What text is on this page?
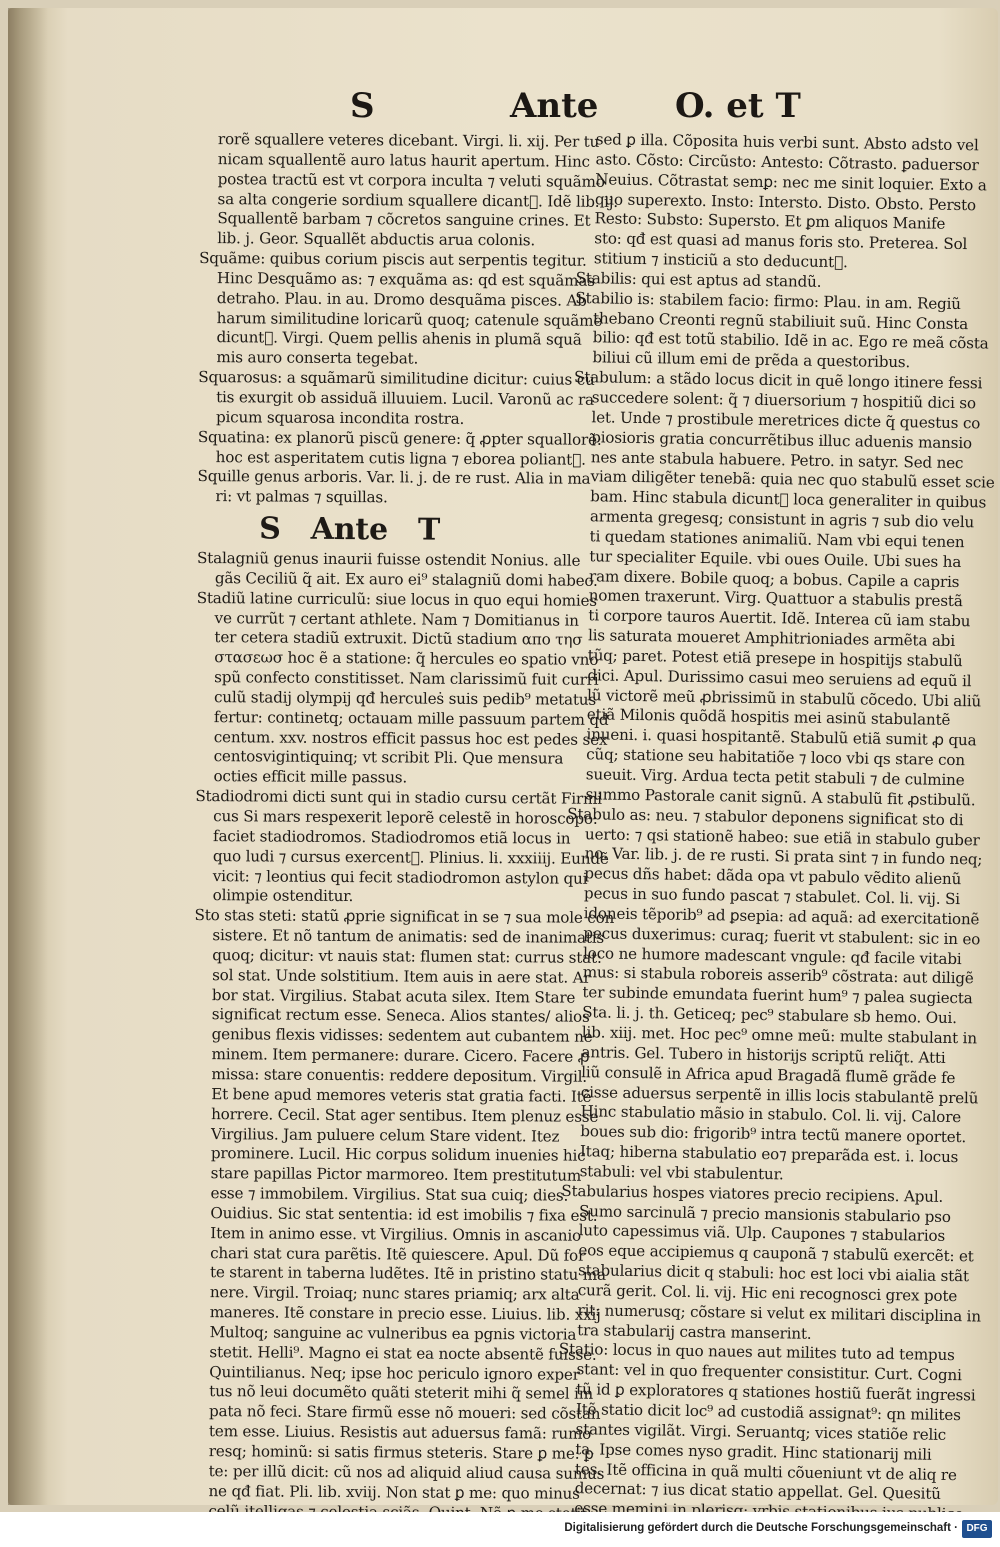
S	Ante O. et T
rorẽ squallere veteres dicebant. Virgi. li. xij. Per tu
nicam squallentẽ auro latus haurit apertum. Hinc
postea tractũ est vt corpora inculta ⁊ veluti squãmo
sa alta congerie sordium squallere dicantᷓ. Idẽ lib. ij.
Squallentẽ barbam ⁊ cõcretos sanguine crines. Et
lib. j. Geor. Squallẽt abductis arua colonis.
Squãme: quibus corium piscis aut serpentis tegitur.
Hinc Desquãmo as: ⁊ exquãma as: qd est squãmas
detraho. Plau. in au. Dromo desquãma pisces. Ab
harum similitudine loricarũ quoq; catenule squãme
dicuntᷓ. Virgi. Quem pellis ahenis in plumã squã
mis auro conserta tegebat.
Squarosus: a squãmarũ similitudine dicitur: cuius cu
tis exurgit ob assiduã illuuiem. Lucil. Varonũ ac ra
picum squarosa incondita rostra.
Squatina: ex planorũ piscũ genere: q̃ ꝓpter squallorẽ:
hoc est asperitatem cutis ligna ⁊ eborea poliantᷓ.
Squille genus arboris. Var. li. j. de re rust. Alia in ma
ri: vt palmas ⁊ squillas.
S Ante T
Stalagniũ genus inaurii fuisse ostendit Nonius. alle
gãs Ceciliũ q̃ ait. Ex auro ei⁹ stalagniũ domi habeo.
Stadiũ latine curriculũ: siue locus in quo equi homies
ve currũt ⁊ certant athlete. Nam ⁊ Domitianus in
ter cetera stadiũ extruxit. Dictũ stadium απο τησ
στασεωσ hoc ẽ a statione: q̃ hercules eo spatio vno
spũ confecto constitisset. Nam clarissimũ fuit curri
culũ stadij olympij qđ herculeṡ suis pedib⁹ metatus
fertur: continetq; octauam mille passuum partem qđ
centum. xxv. nostros efficit passus hoc est pedes sex
centosvigintiquinq; vt scribit Pli. Que mensura
octies efficit mille passus.
Stadiodromi dicti sunt qui in stadio cursu certãt Firmi
cus Si mars respexerit leporẽ celestẽ in horoscopo:
faciet stadiodromos. Stadiodromos etiã locus in
quo ludi ⁊ cursus exercentᷓ. Plinius. li. xxxiiij. Eundẽ
vicit: ⁊ leontius qui fecit stadiodromon astylon qui
olimpie ostenditur.
Sto stas steti: statũ ꝓprie significat in se ⁊ sua mole con
sistere. Et nõ tantum de animatis: sed de inanimatis
quoq; dicitur: vt nauis stat: flumen stat: currus stat:
sol stat. Unde solstitium. Item auis in aere stat. Ar
bor stat. Virgilius. Stabat acuta silex. Item Stare
significat rectum esse. Seneca. Alios stantes/ alios
genibus flexis vidisses: sedentem aut cubantem ne
minem. Item permanere: durare. Cicero. Facere ꝓ
missa: stare conuentis: reddere depositum. Virgil.
Et bene apud memores veteris stat gratia facti. Itẽ
horrere. Cecil. Stat ager sentibus. Item plenuz esse
Virgilius. Jam puluere celum Stare vident. Itez
prominere. Lucil. Hic corpus solidum inuenies hic
stare papillas Pictor marmoreo. Item prestitutum
esse ⁊ immobilem. Virgilius. Stat sua cuiq; dies.
Ouidius. Sic stat sententia: id est imobilis ⁊ fixa est.
Item in animo esse. vt Virgilius. Omnis in ascanio
chari stat cura parẽtis. Itẽ quiescere. Apul. Dũ for
te starent in taberna ludẽtes. Itẽ in pristino statu ma
nere. Virgil. Troiaq; nunc stares priamiq; arx alta
maneres. Itẽ constare in precio esse. Liuius. lib. xxij
Multoq; sanguine ac vulneribus ea pgnis victoria
stetit. Helli⁹. Magno ei stat ea nocte absentẽ fuisse.
Quintilianus. Neq; ipse hoc periculo ignoro exper
tus nõ leui documẽto quãti steterit mihi q̃ semel im
pata nõ feci. Stare firmũ esse nõ moueri: sed cõstan
tem esse. Liuius. Resistis aut aduersus famã: rumo
resq; hominũ: si satis firmus steteris. Stare ꝑ me: ꝑ
te: per illũ dicit: cũ nos ad aliquid aliud causa sumus
ne qđ fiat. Pli. lib. xviij. Non stat ꝑ me: quo minus
sed ꝑ illa. Cõposita huis verbi sunt. Absto adsto vel
asto. Cõsto: Circũsto: Antesto: Cõtrasto. ꝑaduersor
Neuius. Cõtrastat semꝑ: nec me sinit loquier. Exto a
quo superexto. Insto: Intersto. Disto. Obsto. Persto
Resto: Substo: Supersto. Et ꝑm aliquos Manife
sto: qđ est quasi ad manus foris sto. Preterea. Sol
stitium ⁊ insticiũ a sto deducuntᷓ.
Stabilis: qui est aptus ad standũ.
Stabilio is: stabilem facio: firmo: Plau. in am. Regiũ
thebano Creonti regnũ stabiliuit suũ. Hinc Consta
bilio: qđ est totũ stabilio. Idẽ in ac. Ego re meã cõsta
biliui cũ illum emi de prẽda a questoribus.
Stabulum: a stãdo locus dicit in quẽ longo itinere fessi
succedere solent: q̃ ⁊ diuersorium ⁊ hospitiũ dici so
let. Unde ⁊ prostibule meretrices dicte q̃ questus co
piosioris gratia concurrẽtibus illuc aduenis mansio
nes ante stabula habuere. Petro. in satyr. Sed nec
viam diligẽter tenebã: quia nec quo stabulũ esset scie
bam. Hinc stabula dicuntᷓ loca generaliter in quibus
armenta gregesq; consistunt in agris ⁊ sub dio velu
ti quedam stationes animaliũ. Nam vbi equi tenen
tur specialiter Equile. vbi oues Ouile. Ubi sues ha
ram dixere. Bobile quoq; a bobus. Capile a capris
nomen traxerunt. Virg. Quattuor a stabulis prestã
ti corpore tauros Auertit. Idẽ. Interea cũ iam stabu
lis saturata moueret Amphitrioniades armẽta abi
tũq; paret. Potest etiã presepe in hospitijs stabulũ
dici. Apul. Durissimo casui meo seruiens ad equũ il
lũ victorẽ meũ ꝓbrissimũ in stabulũ cõcedo. Ubi aliũ
etiã Milonis quõdã hospitis mei asinũ stabulantẽ
inueni. i. quasi hospitantẽ. Stabulũ etiã sumit ꝓ qua
cũq; statione seu habitatiõe ⁊ loco vbi qs stare con
sueuit. Virg. Ardua tecta petit stabuli ⁊ de culmine
summo Pastorale canit signũ. A stabulũ fit ꝓstibulũ.
Stabulo as: neu. ⁊ stabulor deponens significat sto di
uerto: ⁊ qsi stationẽ habeo: sue etiã in stabulo guber
no. Var. lib. j. de re rusti. Si prata sint ⁊ in fundo neq;
pecus dñs habet: dãda opa vt pabulo vẽdito alienũ
pecus in suo fundo pascat ⁊ stabulet. Col. li. vij. Si
idoneis tẽporib⁹ ad ꝑsepia: ad aquã: ad exercitationẽ
pecus duxerimus: curaq; fuerit vt stabulent: sic in eo
loco ne humore madescant vngule: qđ facile vitabi
mus: si stabula roboreis asserib⁹ cõstrata: aut diligẽ
ter subinde emundata fuerint hum⁹ ⁊ palea sugiecta
Sta. li. j. th. Geticeq; pec⁹ stabulare sb hemo. Oui.
lib. xiij. met. Hoc pec⁹ omne meũ: multe stabulant in
antris. Gel. Tubero in historijs scriptũ reliq̃t. Atti
liũ consulẽ in Africa apud Bragadã flumẽ grãde fe
cisse aduersus serpentẽ in illis locis stabulantẽ prelũ
Hinc stabulatio mãsio in stabulo. Col. li. vij. Calore
boues sub dio: frigorib⁹ intra tectũ manere oportet.
Itaq; hiberna stabulatio eo⁊ preparãda est. i. locus
stabuli: vel vbi stabulentur.
Stabularius hospes viatores precio recipiens. Apul.
Sumo sarcinulã ⁊ precio mansionis stabulario pso
luto capessimus viã. Ulp. Caupones ⁊ stabularios
eos eque accipiemus q cauponã ⁊ stabulũ exercẽt: et
stabularius dicit q stabuli: hoc est loci vbi aialia stãt
curã gerit. Col. li. vij. Hic eni recognosci grex pote
rit: numerusq; cõstare si velut ex militari disciplina in
tra stabularij castra manserint.
Statio: locus in quo naues aut milites tuto ad tempus
stant: vel in quo frequenter consistitur. Curt. Cogni
tũ id ꝑ exploratores q stationes hostiũ fuerãt ingressi
Itẽ statio dicit loc⁹ ad custodiã assignat⁹: qn milites
stantes vigilãt. Virgi. Seruantq; vices statiõe relic
ta. Ipse comes nyso gradit. Hinc stationarij mili
tes. Itẽ officina in quã multi cõueniunt vt de aliq re
decernat: ⁊ ius dicat statio appellat. Gel. Quesitũ
Digitalisierung gefördert durch die Deutsche Forschungsgemeinschaft · DFG
